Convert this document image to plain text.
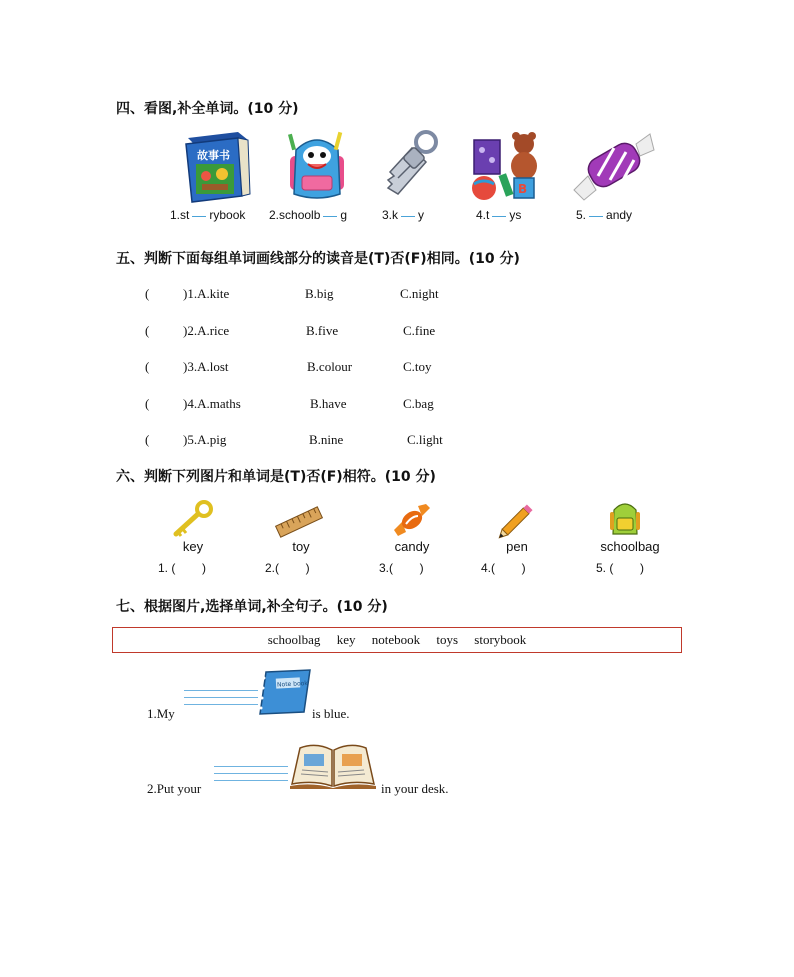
四、看图,补全单词。(10 分)
故事书
B
1.st rybook 2.schoolb g	3.k y	4.t ys	5. andy
五、判断下面每组单词画线部分的读音是(T)否(F)相同。(10 分)
(	)1.A.kite	B.big	C.night
(	)2.A.rice	B.five	C.fine
(	)3.A.lost	B.colour	C.toy
(	)4.A.maths	B.have	C.bag
(	)5.A.pig	B.nine	C.light
六、判断下列图片和单词是(T)否(F)相符。(10 分)
key	toy	candy	pen	schoolbag
1. (        )	2.(        )	3.(        )	4.(        )	5. (        )
七、根据图片,选择单词,补全句子。(10 分)
schoolbag key notebook toys storybook
1.My
Note book
is blue.
2.Put your	in your desk.
